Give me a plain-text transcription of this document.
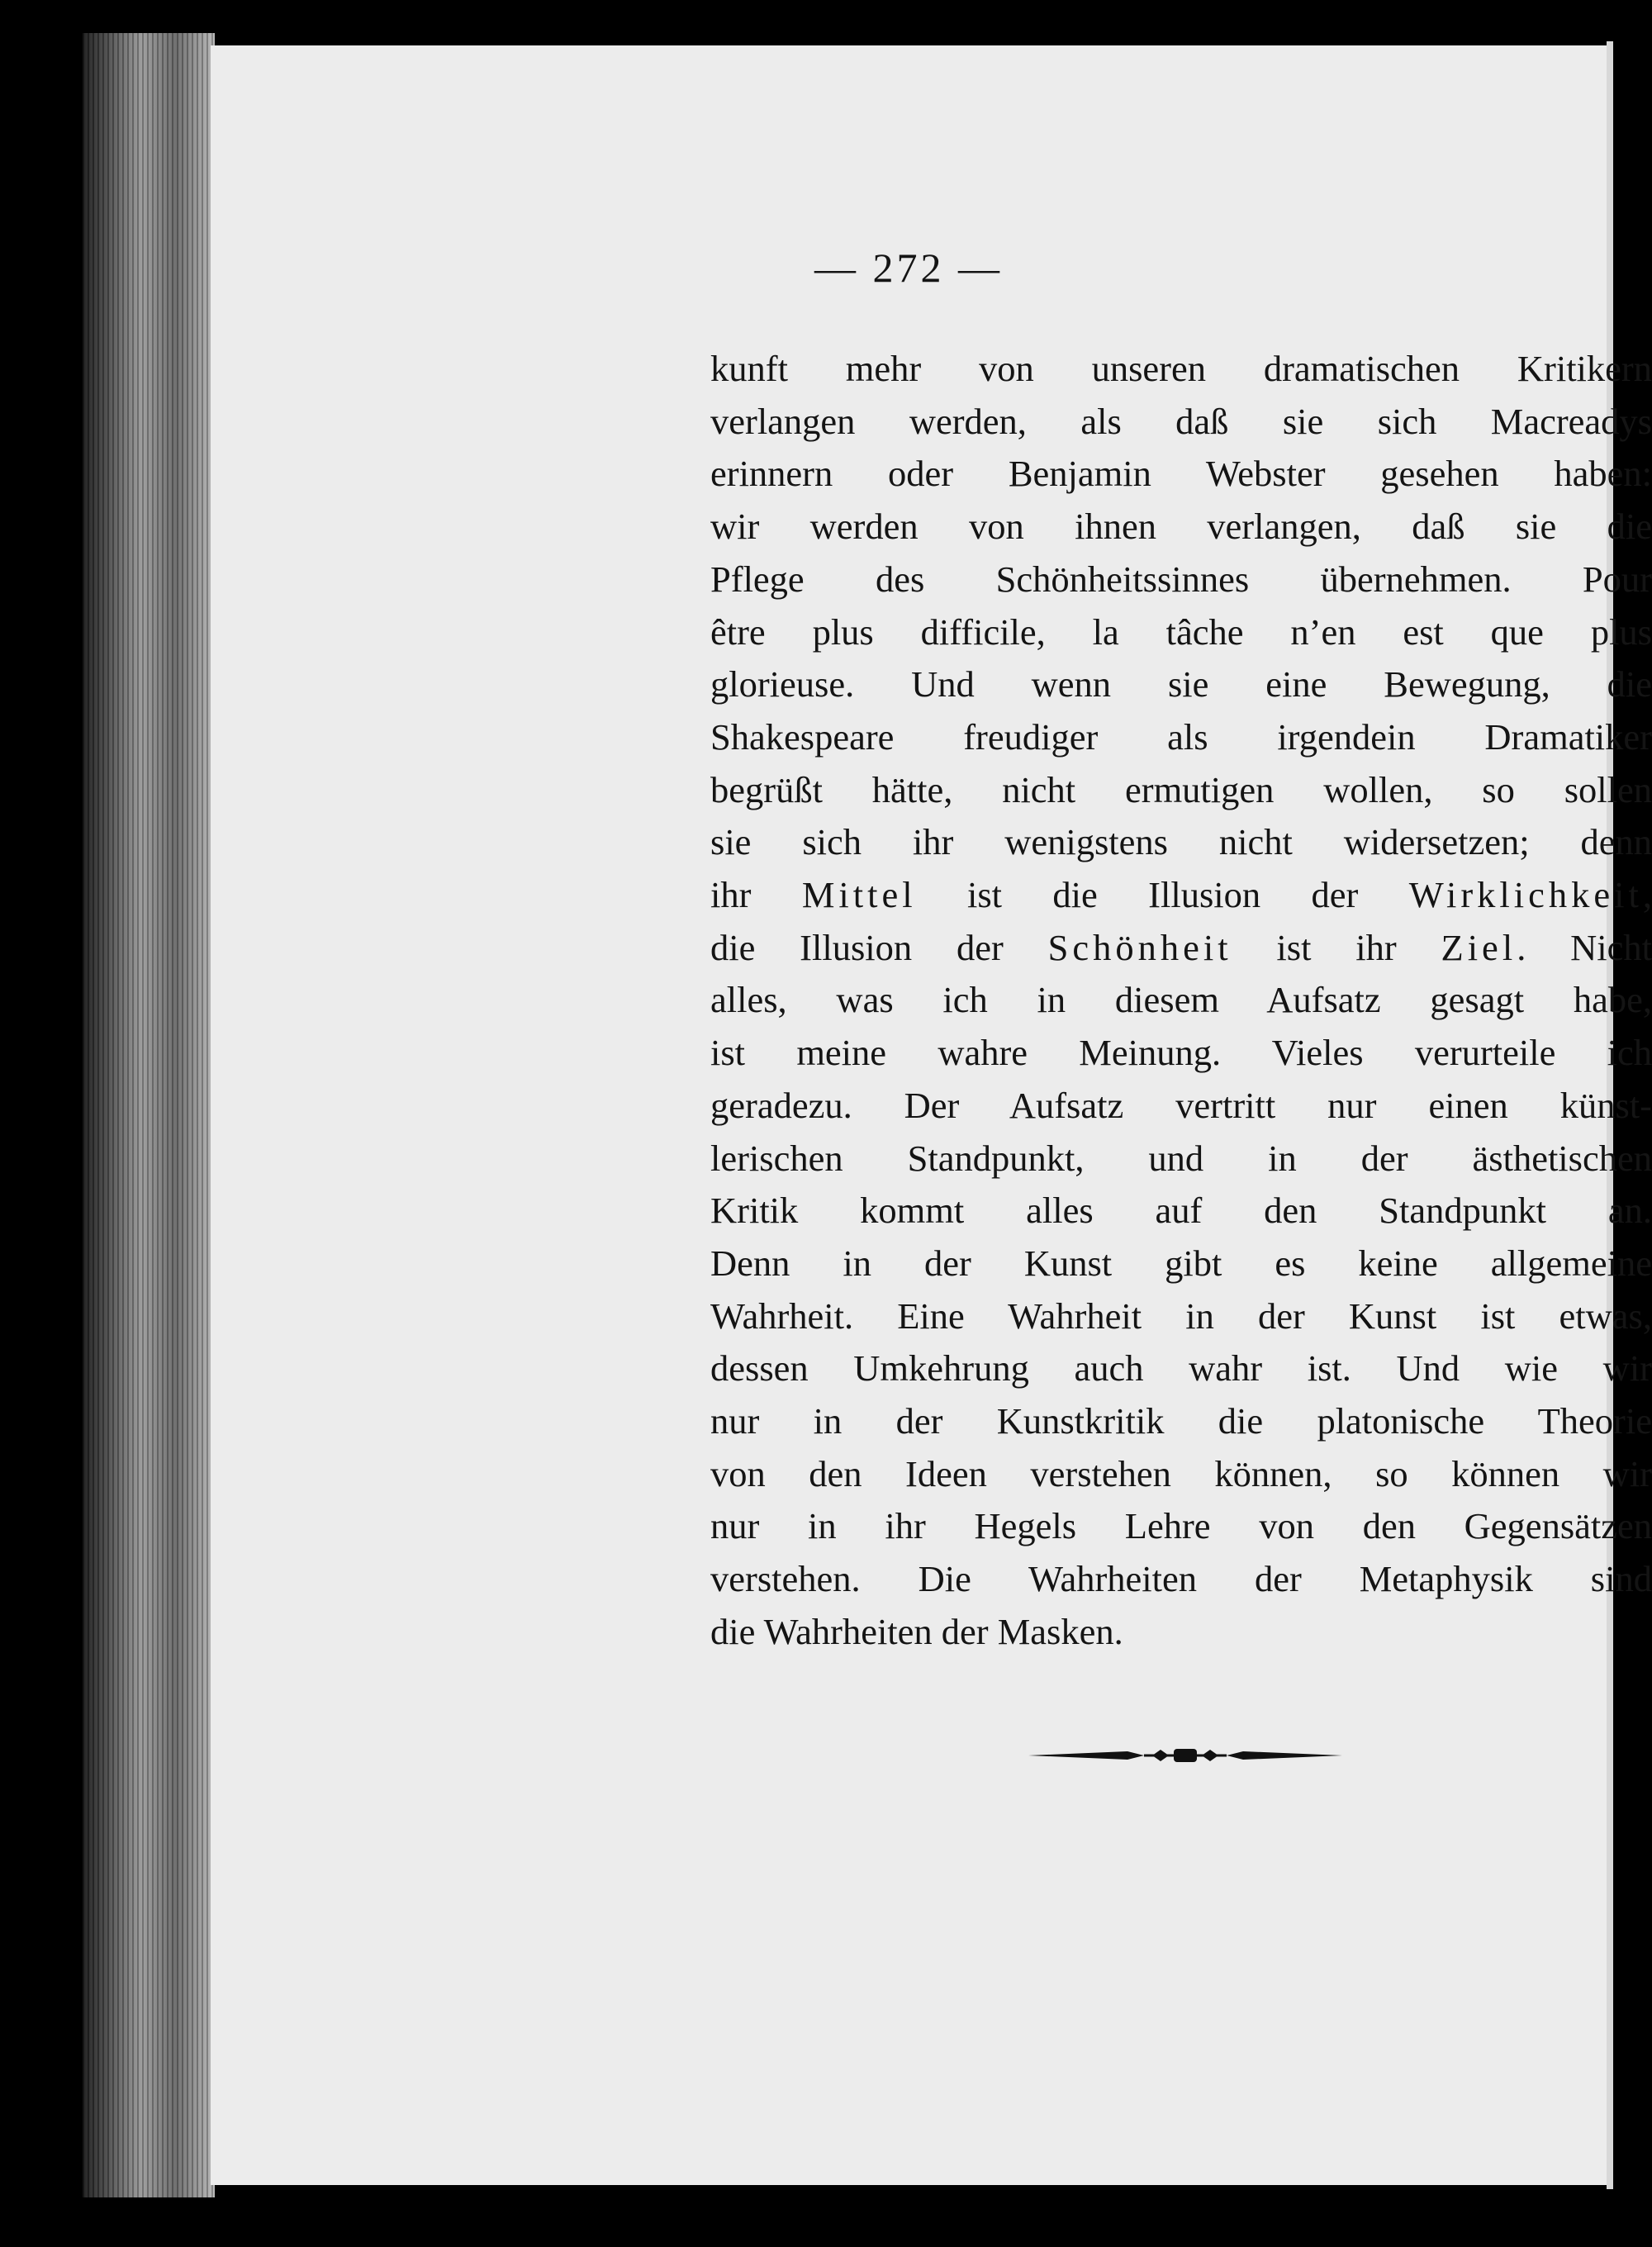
— 272 —
kunft mehr von unseren dramatischen Kritikern
verlangen werden, als daß sie sich Macreadys
erinnern oder Benjamin Webster gesehen haben:
wir werden von ihnen verlangen, daß sie die
Pflege des Schönheitssinnes übernehmen. Pour
être plus difficile, la tâche n’en est que plus
glorieuse. Und wenn sie eine Bewegung, die
Shakespeare freudiger als irgendein Dramatiker
begrüßt hätte, nicht ermutigen wollen, so sollen
sie sich ihr wenigstens nicht widersetzen; denn
ihr Mittel ist die Illusion der Wirklichkeit,
die Illusion der Schönheit ist ihr Ziel. Nicht
alles, was ich in diesem Aufsatz gesagt habe,
ist meine wahre Meinung. Vieles verurteile ich
geradezu. Der Aufsatz vertritt nur einen künst-
lerischen Standpunkt, und in der ästhetischen
Kritik kommt alles auf den Standpunkt an.
Denn in der Kunst gibt es keine allgemeine
Wahrheit. Eine Wahrheit in der Kunst ist etwas,
dessen Umkehrung auch wahr ist. Und wie wir
nur in der Kunstkritik die platonische Theorie
von den Ideen verstehen können, so können wir
nur in ihr Hegels Lehre von den Gegensätzen
verstehen. Die Wahrheiten der Metaphysik sind
die Wahrheiten der Masken.
